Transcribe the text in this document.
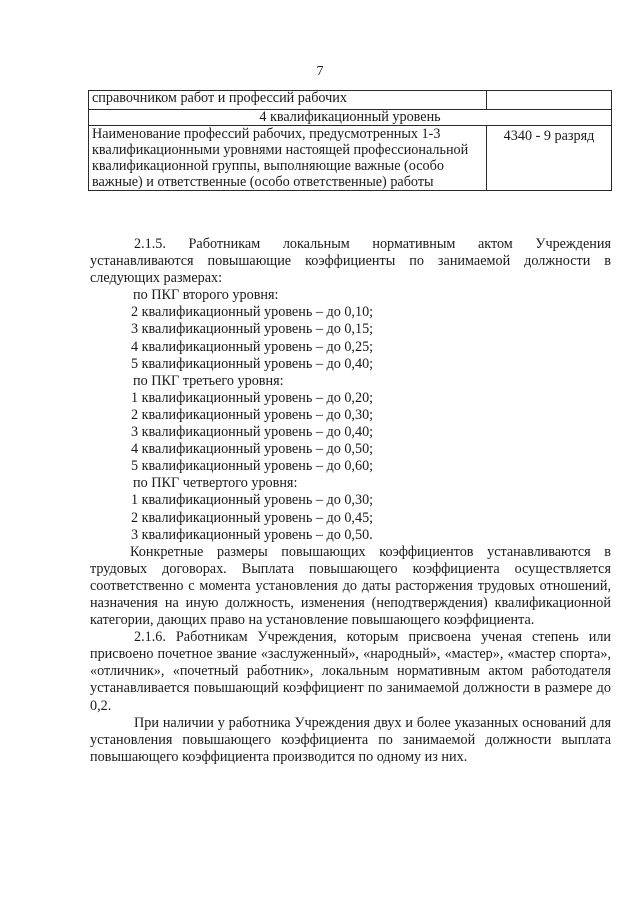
7
справочником работ и профессий рабочих	
4 квалификационный уровень	
Наименование профессий рабочих, предусмотренных 1-3 квалификационными уровнями настоящей профессиональной квалификационной группы, выполняющие важные (особо важные) и ответственные (особо ответственные) работы	4340 - 9 разряд

2.1.5. Работникам локальным нормативным актом Учреждения устанавливаются повышающие коэффициенты по занимаемой должности в следующих размерах:

по ПКГ второго уровня:

2 квалификационный уровень – до 0,10;

3 квалификационный уровень – до 0,15;

4 квалификационный уровень – до 0,25;

5 квалификационный уровень – до 0,40;

по ПКГ третьего уровня:

1 квалификационный уровень – до 0,20;

2 квалификационный уровень – до 0,30;

3 квалификационный уровень – до 0,40;

4 квалификационный уровень – до 0,50;

5 квалификационный уровень – до 0,60;

по ПКГ четвертого уровня:

1 квалификационный уровень – до 0,30;

2 квалификационный уровень – до 0,45;

3 квалификационный уровень – до 0,50.

Конкретные размеры повышающих коэффициентов устанавливаются в трудовых договорах. Выплата повышающего коэффициента осуществляется соответственно с момента установления до даты расторжения трудовых отношений, назначения на иную должность, изменения (неподтверждения) квалификационной категории, дающих право на установление повышающего коэффициента.

2.1.6. Работникам Учреждения, которым присвоена ученая степень или присвоено почетное звание «заслуженный», «народный», «мастер», «мастер спорта», «отличник», «почетный работник», локальным нормативным актом работодателя устанавливается повышающий коэффициент по занимаемой должности в размере до 0,2.

При наличии у работника Учреждения двух и более указанных оснований для установления повышающего коэффициента по занимаемой должности выплата повышающего коэффициента производится по одному из них.
